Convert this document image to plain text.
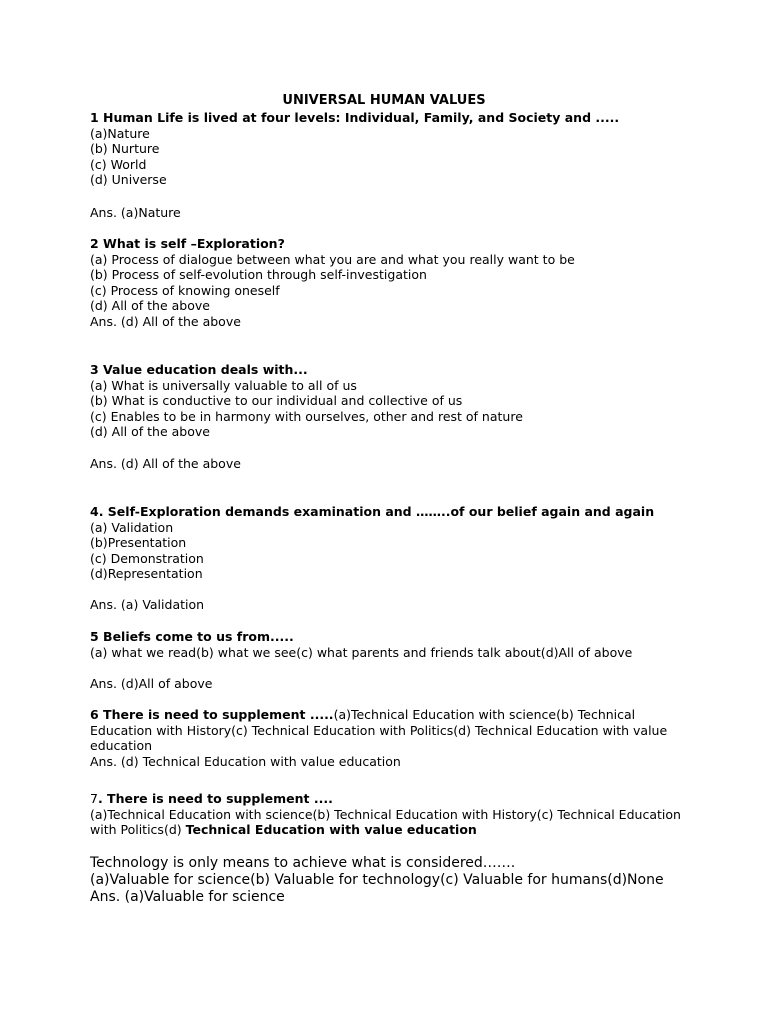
UNIVERSAL HUMAN VALUES
1 Human Life is lived at four levels: Individual, Family, and Society and .....
(a)Nature
(b) Nurture
(c) World
(d) Universe
Ans. (a)Nature
2 What is self –Exploration?
(a) Process of dialogue between what you are and what you really want to be
(b) Process of self-evolution through self-investigation
(c) Process of knowing oneself
(d) All of the above
Ans. (d) All of the above
3 Value education deals with...
(a) What is universally valuable to all of us
(b) What is conductive to our individual and collective of us
(c) Enables to be in harmony with ourselves, other and rest of nature
(d) All of the above
Ans. (d) All of the above
4. Self-Exploration demands examination and ……..of our belief again and again
(a) Validation
(b)Presentation
(c) Demonstration
(d)Representation
Ans. (a) Validation
5 Beliefs come to us from.....
(a) what we read(b) what we see(c) what parents and friends talk about(d)All of above
Ans. (d)All of above
6 There is need to supplement .....(a)Technical Education with science(b) Technical Education with History(c) Technical Education with Politics(d) Technical Education with value education
Ans. (d) Technical Education with value education
7. There is need to supplement ....
(a)Technical Education with science(b) Technical Education with History(c) Technical Education with Politics(d) Technical Education with value education
Technology is only means to achieve what is considered…….
(a)Valuable for science(b) Valuable for technology(c) Valuable for humans(d)None
Ans. (a)Valuable for science
